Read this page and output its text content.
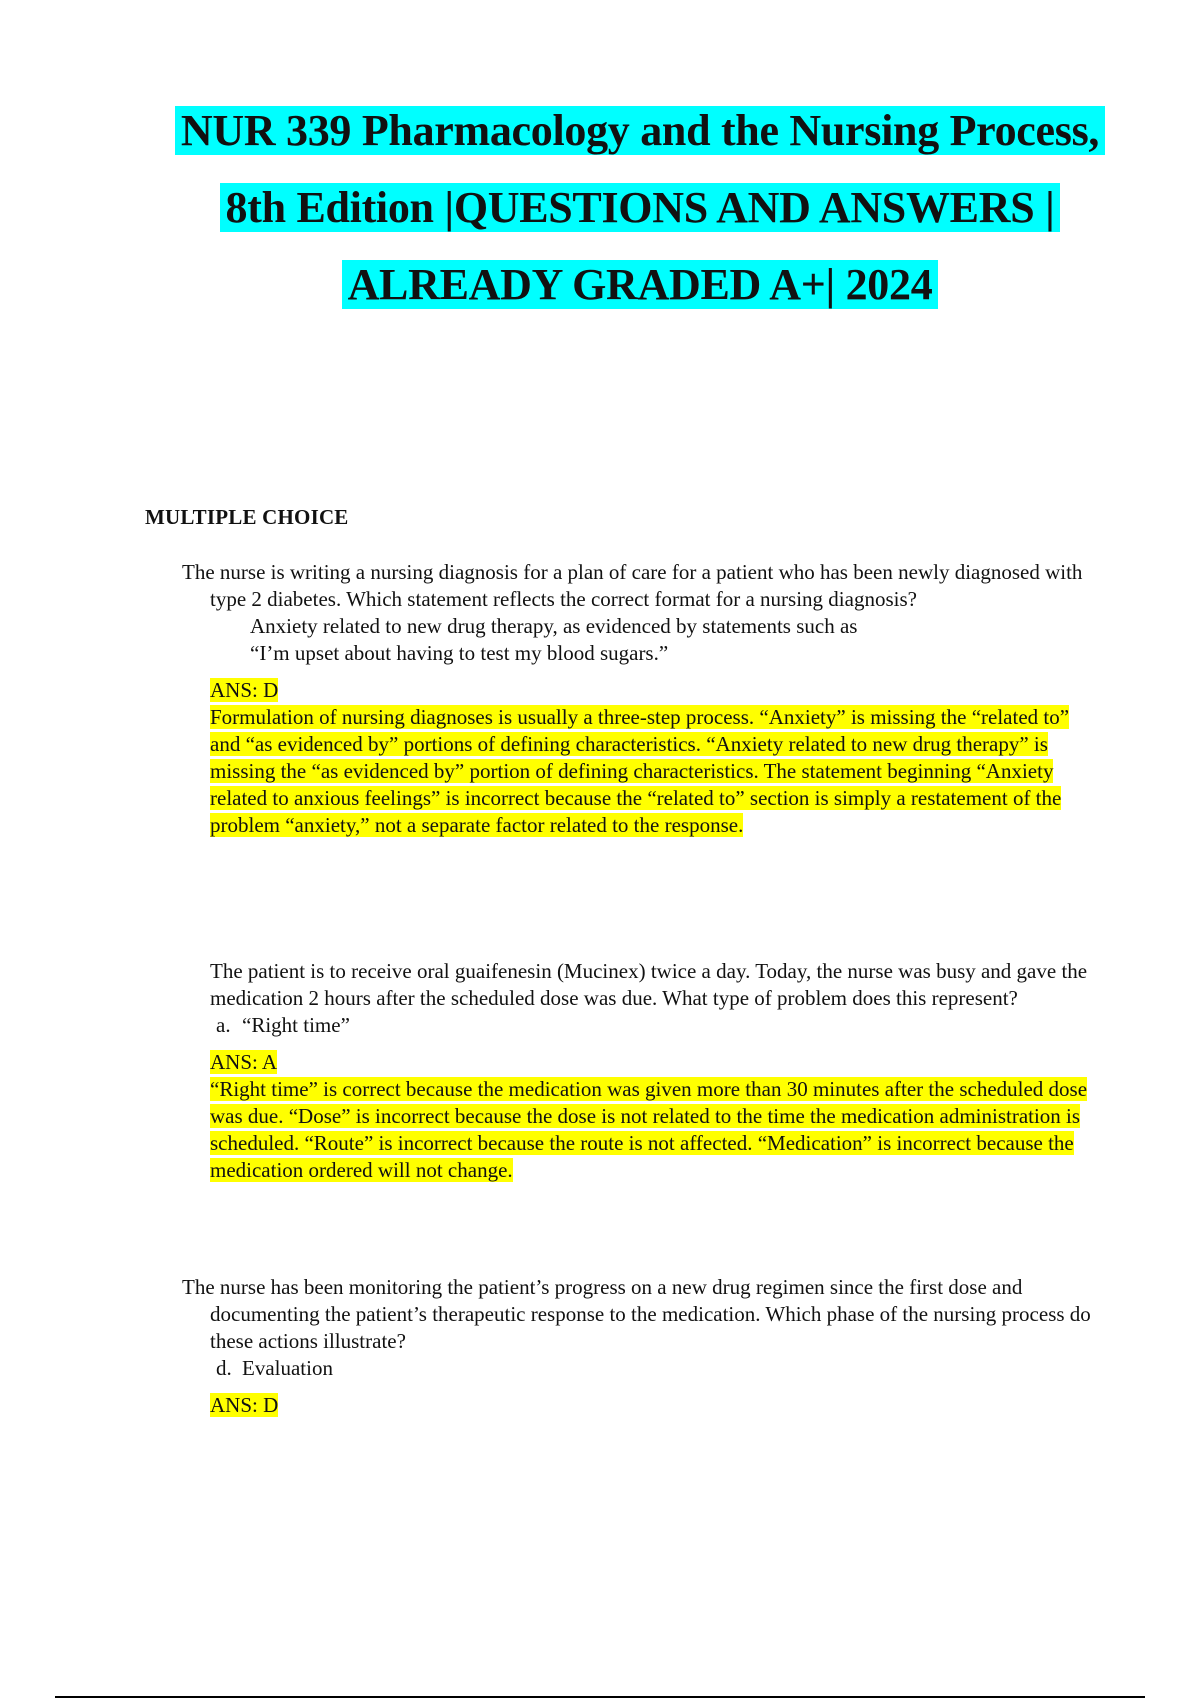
NUR 339 Pharmacology and the Nursing Process,
8th Edition |QUESTIONS AND ANSWERS |
ALREADY GRADED A+| 2024
MULTIPLE CHOICE

The nurse is writing a nursing diagnosis for a plan of care for a patient who has been newly diagnosed with type 2 diabetes. Which statement reflects the correct format for a nursing diagnosis?

Anxiety related to new drug therapy, as evidenced by statements such as
“I’m upset about having to test my blood sugars.”

ANS: D

Formulation of nursing diagnoses is usually a three-step process. “Anxiety” is missing the “related to” and “as evidenced by” portions of defining characteristics. “Anxiety related to new drug therapy” is missing the “as evidenced by” portion of defining characteristics. The statement beginning “Anxiety related to anxious feelings” is incorrect because the “related to” section is simply a restatement of the problem “anxiety,” not a separate factor related to the response.

The patient is to receive oral guaifenesin (Mucinex) twice a day. Today, the nurse was busy and gave the medication 2 hours after the scheduled dose was due. What type of problem does this represent?

a. “Right time”

ANS: A

“Right time” is correct because the medication was given more than 30 minutes after the scheduled dose was due. “Dose” is incorrect because the dose is not related to the time the medication administration is scheduled. “Route” is incorrect because the route is not affected. “Medication” is incorrect because the medication ordered will not change.

The nurse has been monitoring the patient’s progress on a new drug regimen since the first dose and documenting the patient’s therapeutic response to the medication. Which phase of the nursing process do these actions illustrate?

d. Evaluation

ANS: D
